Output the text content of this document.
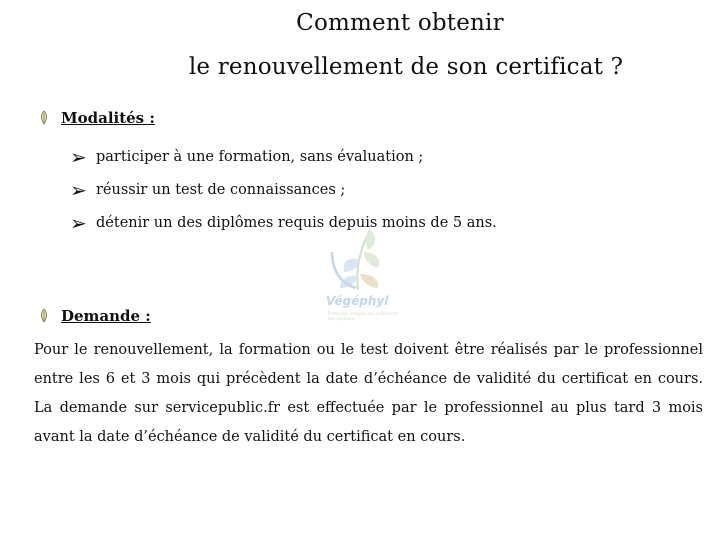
Comment obtenir
le renouvellement de son certificat ?
Modalités :
➢ participer à une formation, sans évaluation ;
➢ réussir un test de connaissances ;
➢ détenir un des diplômes requis depuis moins de 5 ans.
Végéphyl
Protection intégrée des cultures et des végétaux
Demande :

Pour le renouvellement, la formation ou le test doivent être réalisés par le professionnel entre les 6 et 3 mois qui précèdent la date d’échéance de validité du certificat en cours. La demande sur servicepublic.fr est effectuée par le professionnel au plus tard 3 mois avant la date d’échéance de validité du certificat en cours.
